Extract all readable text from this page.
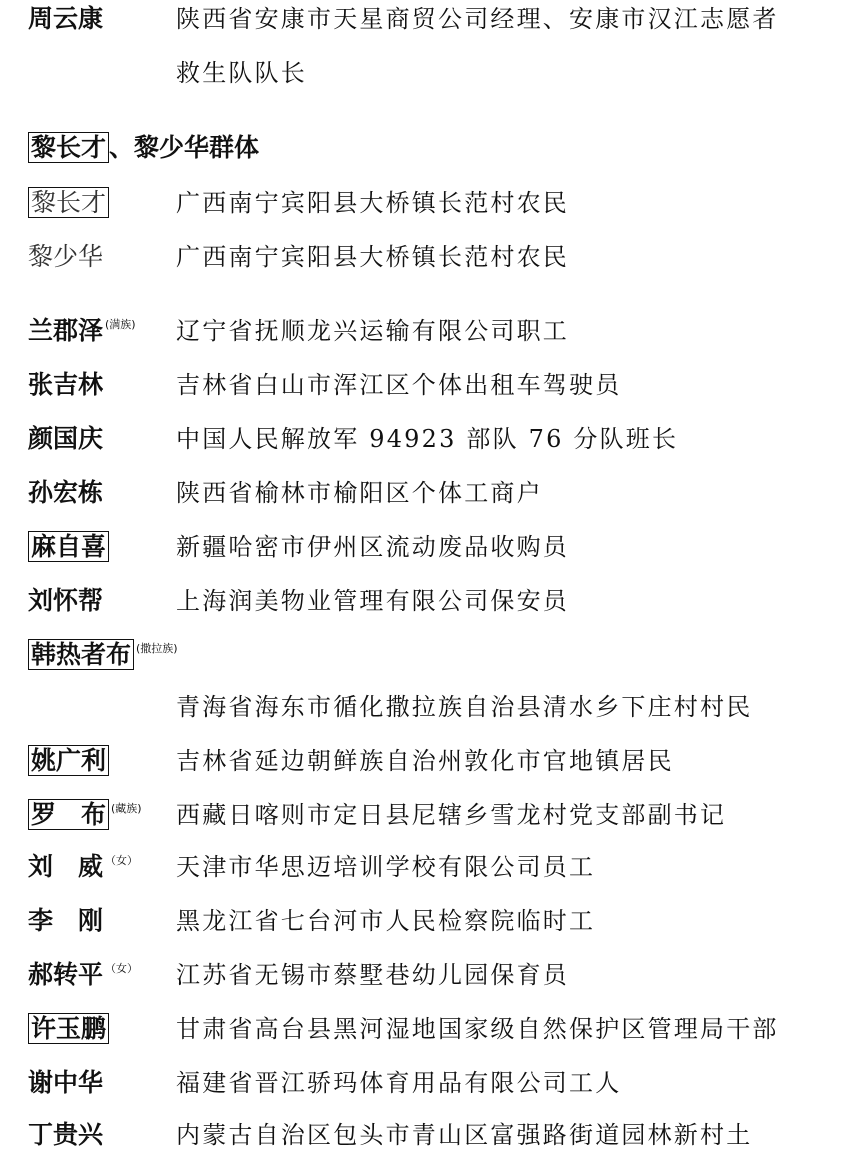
周云康	陕西省安康市天星商贸公司经理、安康市汉江志愿者
救生队队长
黎长才 、黎少华群体
黎长才	广西南宁宾阳县大桥镇长范村农民
黎少华	广西南宁宾阳县大桥镇长范村农民
兰郡泽 $^{(满族)}$ 辽宁省抚顺龙兴运输有限公司职工
张吉林	吉林省白山市浑江区个体出租车驾驶员
颜国庆	中国人民解放军 94923 部队 76 分队班长
孙宏栋	陕西省榆林市榆阳区个体工商户
麻自喜	新疆哈密市伊州区流动废品收购员
刘怀帮	上海润美物业管理有限公司保安员
韩热者布 $^{(撒拉族)}$
青海省海东市循化撒拉族自治县清水乡下庄村村民
姚广利	吉林省延边朝鲜族自治州敦化市官地镇居民
罗　布 $^{(藏族)}$ 西藏日喀则市定日县尼辖乡雪龙村党支部副书记
刘　威 $^{(女)}$ 天津市华思迈培训学校有限公司员工
李　刚	黑龙江省七台河市人民检察院临时工
郝转平 $^{(女)}$ 江苏省无锡市蔡墅巷幼儿园保育员
许玉鹏	甘肃省高台县黑河湿地国家级自然保护区管理局干部
谢中华	福建省晋江骄玛体育用品有限公司工人
丁贵兴	内蒙古自治区包头市青山区富强路街道园林新村土
